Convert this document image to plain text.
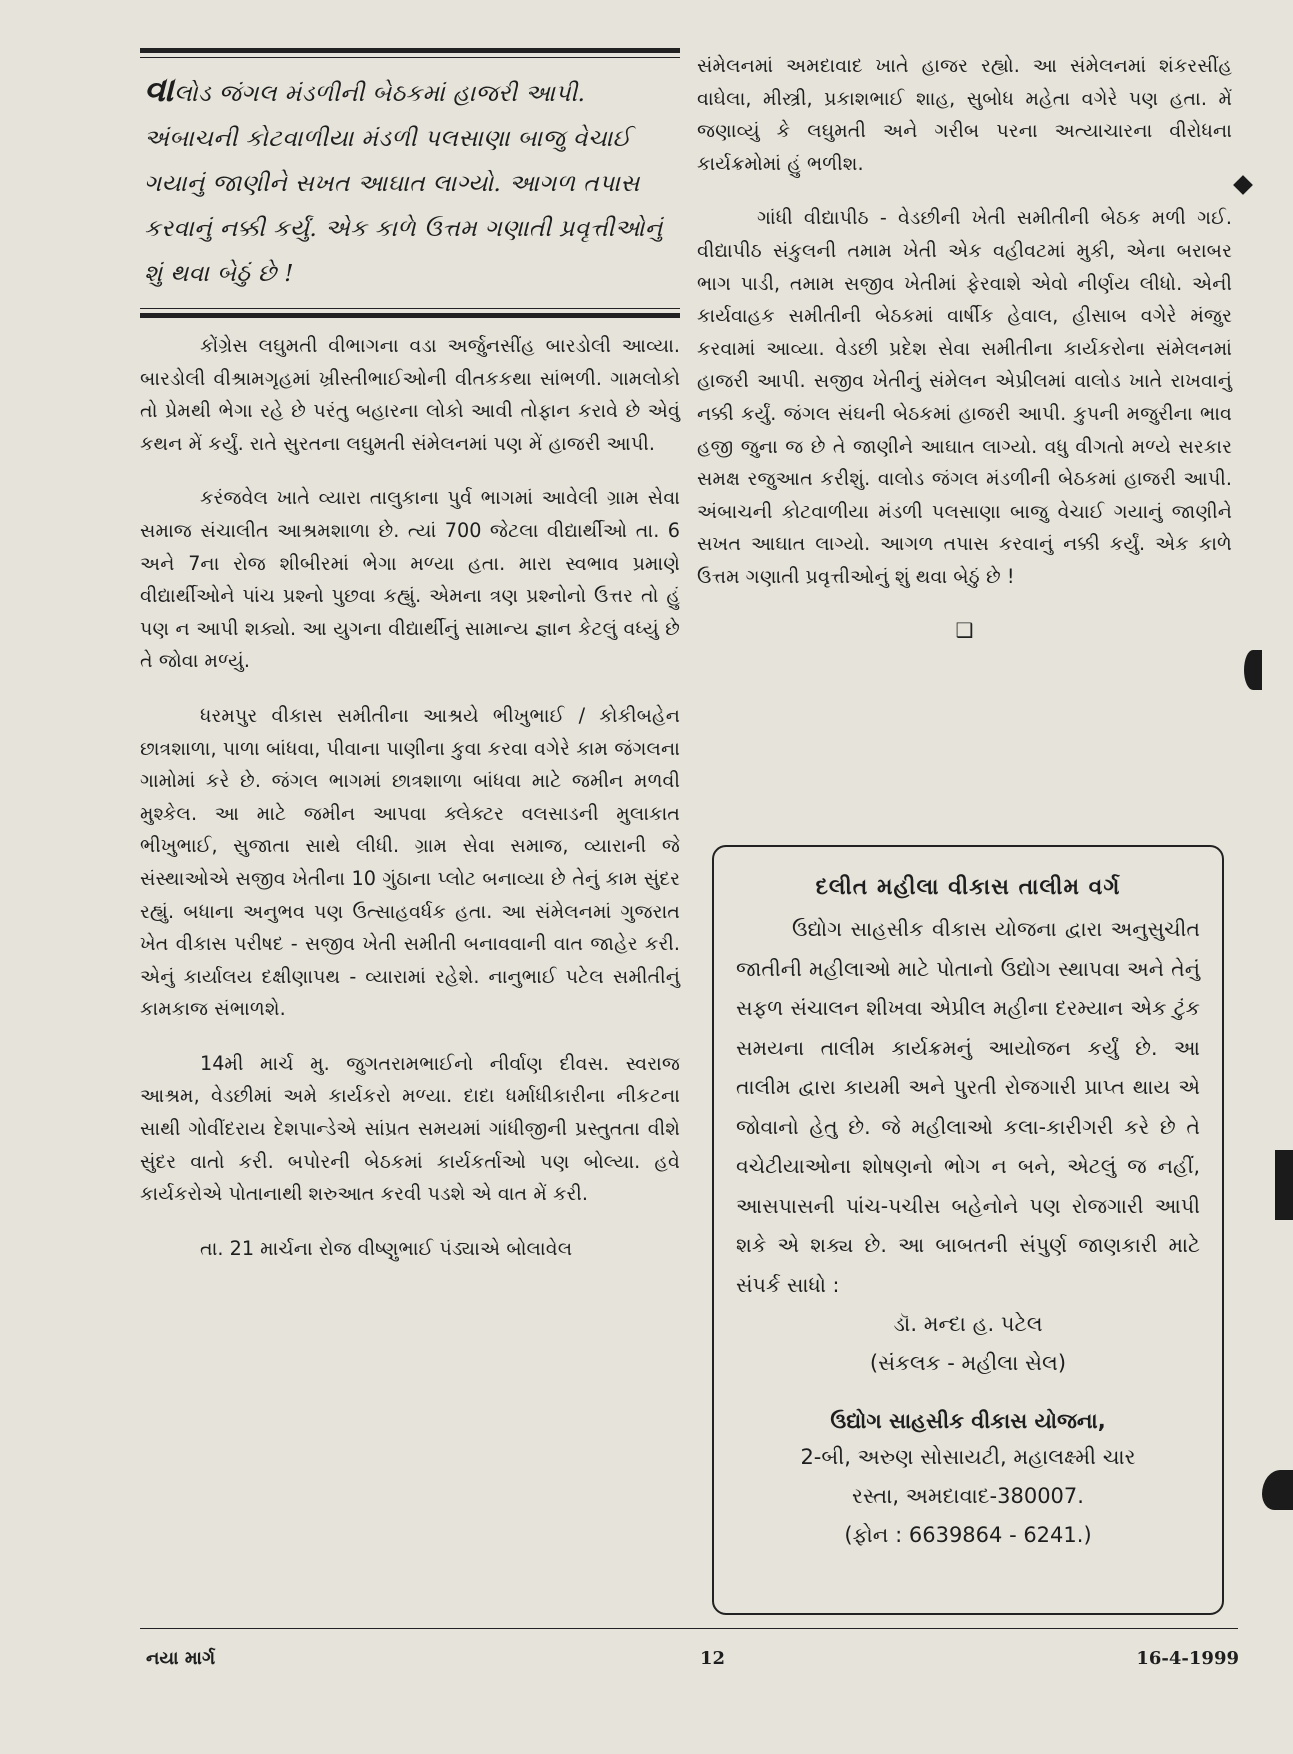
વાલોડ જંગલ મંડળીની બેઠકમાં હાજરી આપી. અંબાચની કોટવાળીયા મંડળી પલસાણા બાજુ વેચાઈ ગયાનું જાણીને સખત આઘાત લાગ્યો. આગળ તપાસ કરવાનું નક્કી કર્યું. એક કાળે ઉત્તમ ગણાતી પ્રવૃત્તીઓનું શું થવા બેઠું છે !

કોંગ્રેસ લઘુમતી વીભાગના વડા અર્જુનસીંહ બારડોલી આવ્યા. બારડોલી વીશ્રામગૃહમાં ખ્રીસ્તીભાઈઓની વીતકકથા સાંભળી. ગામલોકો તો પ્રેમથી ભેગા રહે છે પરંતુ બહારના લોકો આવી તોફાન કરાવે છે એવું કથન મેં કર્યું. રાતે સુરતના લઘુમતી સંમેલનમાં પણ મેં હાજરી આપી.

કરંજવેલ ખાતે વ્યારા તાલુકાના પુર્વ ભાગમાં આવેલી ગ્રામ સેવા સમાજ સંચાલીત આશ્રમશાળા છે. ત્યાં 700 જેટલા વીદ્યાર્થીઓ તા. 6 અને 7ના રોજ શીબીરમાં ભેગા મળ્યા હતા. મારા સ્વભાવ પ્રમાણે વીદ્યાર્થીઓને પાંચ પ્રશ્નો પુછવા કહ્યું. એમના ત્રણ પ્રશ્નોનો ઉત્તર તો હું પણ ન આપી શક્યો. આ યુગના વીદ્યાર્થીનું સામાન્ય જ્ઞાન કેટલું વધ્યું છે તે જોવા મળ્યું.

ધરમપુર વીકાસ સમીતીના આશ્રયે ભીખુભાઈ / કોકીબહેન છાત્રશાળા, પાળા બાંધવા, પીવાના પાણીના કુવા કરવા વગેરે કામ જંગલના ગામોમાં કરે છે. જંગલ ભાગમાં છાત્રશાળા બાંધવા માટે જમીન મળવી મુશ્કેલ. આ માટે જમીન આપવા ક્લેક્ટર વલસાડની મુલાકાત ભીખુભાઈ, સુજાતા સાથે લીધી. ગ્રામ સેવા સમાજ, વ્યારાની જે સંસ્થાઓએ સજીવ ખેતીના 10 ગુંઠાના પ્લોટ બનાવ્યા છે તેનું કામ સુંદર રહ્યું. બધાના અનુભવ પણ ઉત્સાહવર્ધક હતા. આ સંમેલનમાં ગુજરાત ખેત વીકાસ પરીષદ - સજીવ ખેતી સમીતી બનાવવાની વાત જાહેર કરી. એનું કાર્યાલય દક્ષીણાપથ - વ્યારામાં રહેશે. નાનુભાઈ પટેલ સમીતીનું કામકાજ સંભાળશે.

14મી માર્ચ મુ. જુગતરામભાઈનો નીર્વાણ દીવસ. સ્વરાજ આશ્રમ, વેડછીમાં અમે કાર્યકરો મળ્યા. દાદા ધર્માધીકારીના નીકટના સાથી ગોવીંદરાય દેશપાન્ડેએ સાંપ્રત સમયમાં ગાંધીજીની પ્રસ્તુતતા વીશે સુંદર વાતો કરી. બપોરની બેઠકમાં કાર્યકર્તાઓ પણ બોલ્યા. હવે કાર્યકરોએ પોતાનાથી શરુઆત કરવી પડશે એ વાત મેં કરી.

તા. 21 માર્ચના રોજ વીષ્ણુભાઈ પંડ્યાએ બોલાવેલ

સંમેલનમાં અમદાવાદ ખાતે હાજર રહ્યો. આ સંમેલનમાં શંકરસીંહ વાઘેલા, મીસ્ત્રી, પ્રકાશભાઈ શાહ, સુબોધ મહેતા વગેરે પણ હતા. મેં જણાવ્યું કે લઘુમતી અને ગરીબ પરના અત્યાચારના વીરોધના કાર્યક્રમોમાં હું ભળીશ.

ગાંધી વીદ્યાપીઠ - વેડછીની ખેતી સમીતીની બેઠક મળી ગઈ. વીદ્યાપીઠ સંકુલની તમામ ખેતી એક વહીવટમાં મુકી, એના બરાબર ભાગ પાડી, તમામ સજીવ ખેતીમાં ફેરવાશે એવો નીર્ણય લીધો. એની કાર્યવાહક સમીતીની બેઠકમાં વાર્ષીક હેવાલ, હીસાબ વગેરે મંજુર કરવામાં આવ્યા. વેડછી પ્રદેશ સેવા સમીતીના કાર્યકરોના સંમેલનમાં હાજરી આપી. સજીવ ખેતીનું સંમેલન એપ્રીલમાં વાલોડ ખાતે રાખવાનું નક્કી કર્યું. જંગલ સંઘની બેઠકમાં હાજરી આપી. કુપની મજુરીના ભાવ હજી જુના જ છે તે જાણીને આઘાત લાગ્યો. વધુ વીગતો મળ્યે સરકાર સમક્ષ રજુઆત કરીશું. વાલોડ જંગલ મંડળીની બેઠકમાં હાજરી આપી. અંબાચની કોટવાળીયા મંડળી પલસાણા બાજુ વેચાઈ ગયાનું જાણીને સખત આઘાત લાગ્યો. આગળ તપાસ કરવાનું નક્કી કર્યું. એક કાળે ઉત્તમ ગણાતી પ્રવૃત્તીઓનું શું થવા બેઠું છે !

❑
દલીત મહીલા વીકાસ તાલીમ વર્ગ

ઉદ્યોગ સાહસીક વીકાસ યોજના દ્વારા અનુસુચીત જાતીની મહીલાઓ માટે પોતાનો ઉદ્યોગ સ્થાપવા અને તેનું સફળ સંચાલન શીખવા એપ્રીલ મહીના દરમ્યાન એક ટુંક સમયના તાલીમ કાર્યક્રમનું આયોજન કર્યું છે. આ તાલીમ દ્વારા કાયમી અને પુરતી રોજગારી પ્રાપ્ત થાય એ જોવાનો હેતુ છે. જે મહીલાઓ કલા-કારીગરી કરે છે તે વચેટીયાઓના શોષણનો ભોગ ન બને, એટલું જ નહીં, આસપાસની પાંચ-પચીસ બહેનોને પણ રોજગારી આપી શકે એ શક્ય છે. આ બાબતની સંપુર્ણ જાણકારી માટે સંપર્ક સાધો :

ડૉ. મન્દા હ. પટેલ

(સંકલક - મહીલા સેલ)

ઉદ્યોગ સાહસીક વીકાસ યોજના,

2-બી, અરુણ સોસાયટી, મહાલક્ષ્મી ચાર

રસ્તા, અમદાવાદ-380007.

(ફોન : 6639864 - 6241.)

નયા માર્ગ	12	16-4-1999
